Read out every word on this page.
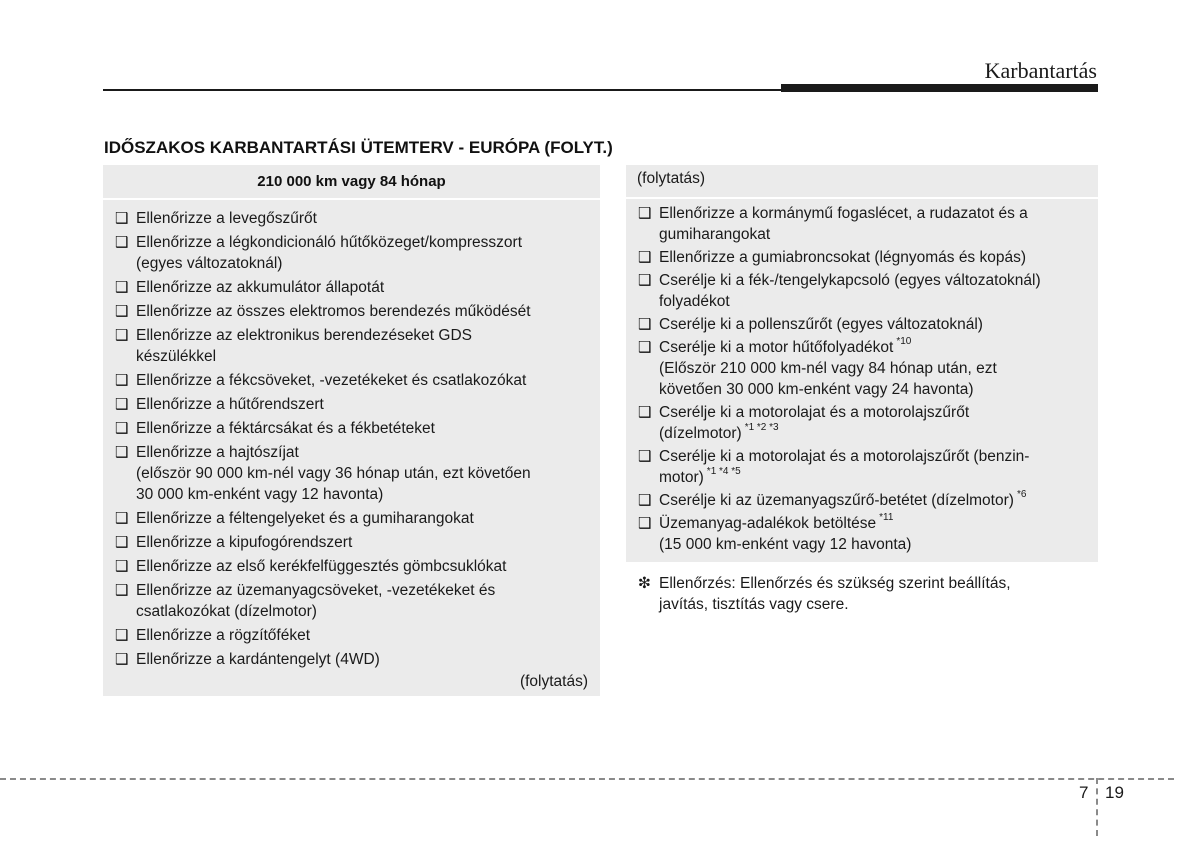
Karbantartás
IDŐSZAKOS KARBANTARTÁSI ÜTEMTERV - EURÓPA (FOLYT.)
210 000 km vagy 84 hónap
❑ Ellenőrizze a levegőszűrőt
❑ Ellenőrizze a légkondicionáló hűtőközeget/kompresszort
(egyes változatoknál)
❑ Ellenőrizze az akkumulátor állapotát
❑ Ellenőrizze az összes elektromos berendezés működését
❑ Ellenőrizze az elektronikus berendezéseket GDS
készülékkel
❑ Ellenőrizze a fékcsöveket, -vezetékeket és csatlakozókat
❑ Ellenőrizze a hűtőrendszert
❑ Ellenőrizze a féktárcsákat és a fékbetéteket
❑ Ellenőrizze a hajtószíjat
(először 90 000 km-nél vagy 36 hónap után, ezt követően
30 000 km-enként vagy 12 havonta)
❑ Ellenőrizze a féltengelyeket és a gumiharangokat
❑ Ellenőrizze a kipufogórendszert
❑ Ellenőrizze az első kerékfelfüggesztés gömbcsuklókat
❑ Ellenőrizze az üzemanyagcsöveket, -vezetékeket és
csatlakozókat (dízelmotor)
❑ Ellenőrizze a rögzítőféket
❑ Ellenőrizze a kardántengelyt (4WD)
(folytatás)
(folytatás)
❑ Ellenőrizze a kormánymű fogaslécet, a rudazatot és a
gumiharangokat
❑ Ellenőrizze a gumiabroncsokat (légnyomás és kopás)
❑ Cserélje ki a fék-/tengelykapcsoló (egyes változatoknál)
folyadékot
❑ Cserélje ki a pollenszűrőt (egyes változatoknál)
❑ Cserélje ki a motor hűtőfolyadékot $^{*10}$
(Először 210 000 km-nél vagy 84 hónap után, ezt
követően 30 000 km-enként vagy 24 havonta)
❑ Cserélje ki a motorolajat és a motorolajszűrőt
(dízelmotor) $^{*1 *2 *3}$
❑ Cserélje ki a motorolajat és a motorolajszűrőt (benzin-
motor) $^{*1 *4 *5}$
❑ Cserélje ki az üzemanyagszűrő-betétet (dízelmotor) $^{*6}$
❑ Üzemanyag-adalékok betöltése $^{*11}$
(15 000 km-enként vagy 12 havonta)
❇ Ellenőrzés: Ellenőrzés és szükség szerint beállítás,
javítás, tisztítás vagy csere.
7 19
